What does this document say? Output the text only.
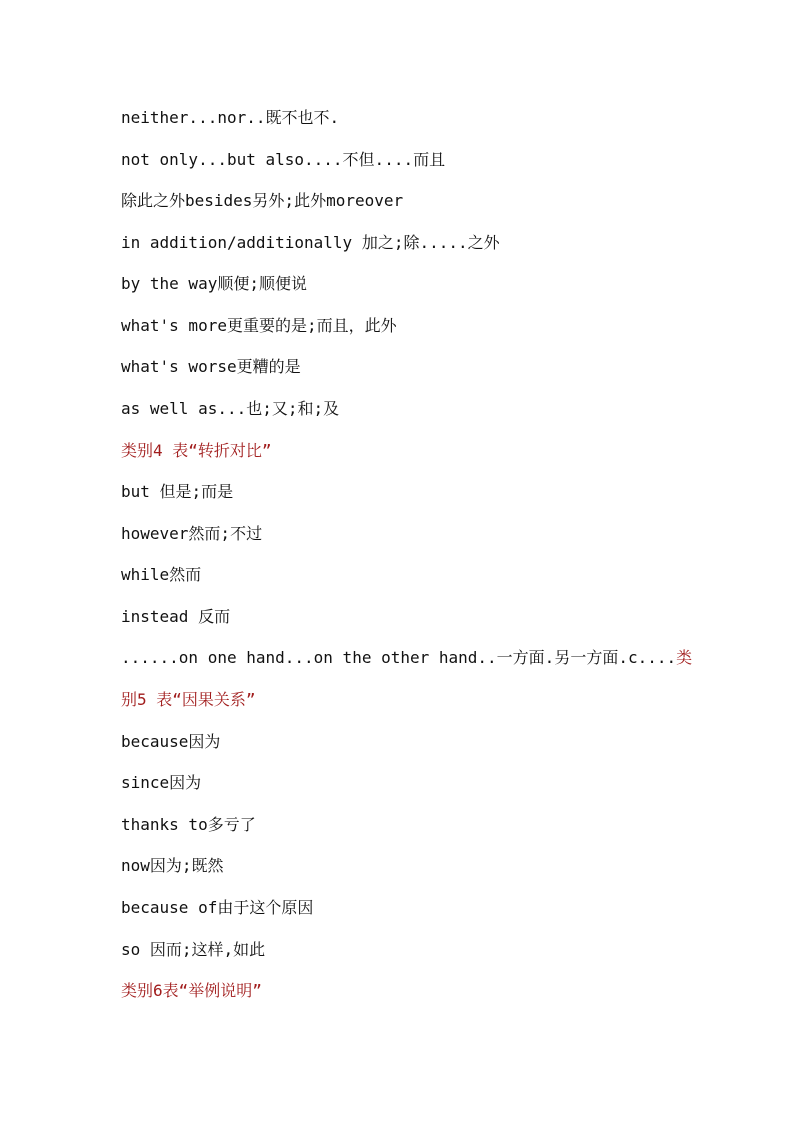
neither...nor..既不也不.
not only...but also....不但....而且
除此之外besides另外;此外moreover
in addition/additionally 加之;除.....之外
by the way顺便;顺便说
what's more更重要的是;而且，此外
what's worse更糟的是
as well as...也;又;和;及
类别4 表“转折对比”
but 但是;而是
however然而;不过
while然而
instead 反而
......on one hand...on the other hand..一方面.另一方面.c....类
别5 表“因果关系”
because因为
since因为
thanks to多亏了
now因为;既然
because of由于这个原因
so 因而;这样,如此
类别6表“举例说明”
